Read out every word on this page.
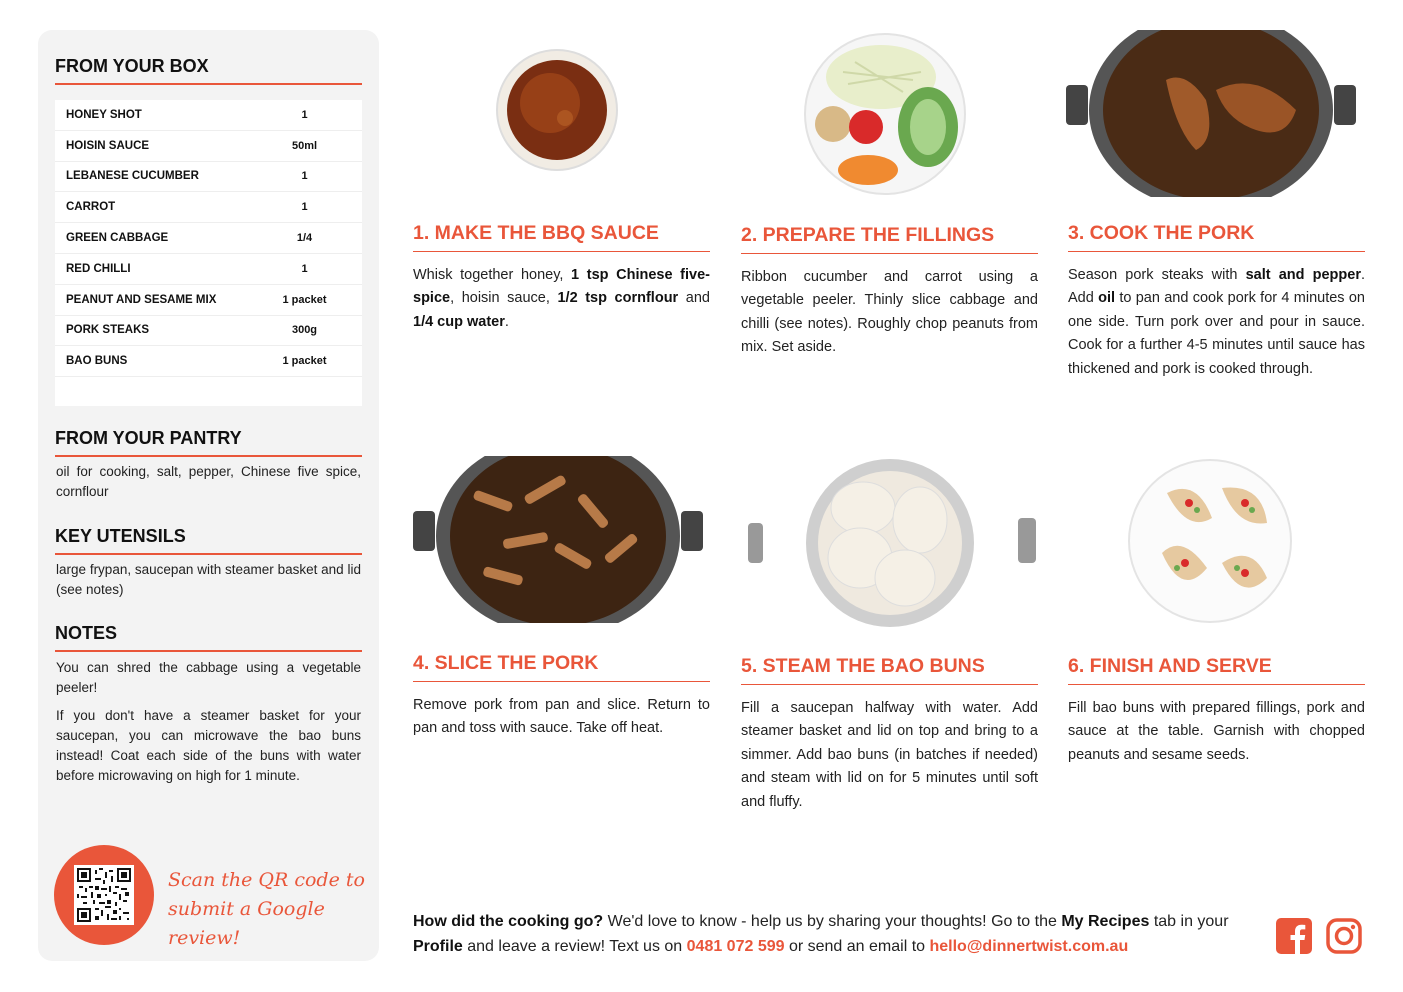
FROM YOUR BOX
HONEY SHOT	1
HOISIN SAUCE	50ml
LEBANESE CUCUMBER	1
CARROT	1
GREEN CABBAGE	1/4
RED CHILLI	1
PEANUT AND SESAME MIX	1 packet
PORK STEAKS	300g
BAO BUNS	1 packet
FROM YOUR PANTRY
oil for cooking, salt, pepper, Chinese five spice, cornflour
KEY UTENSILS
large frypan, saucepan with steamer basket and lid (see notes)
NOTES
You can shred the cabbage using a vegetable peeler!
If you don't have a steamer basket for your saucepan, you can microwave the bao buns instead! Coat each side of the buns with water before microwaving on high for 1 minute.
Scan the QR code to
submit a Google review!
1. MAKE THE BBQ SAUCE
Whisk together honey, 1 tsp Chinese five-spice, hoisin sauce, 1/2 tsp cornflour and 1/4 cup water.
2. PREPARE THE FILLINGS
Ribbon cucumber and carrot using a vegetable peeler. Thinly slice cabbage and chilli (see notes). Roughly chop peanuts from mix. Set aside.
3. COOK THE PORK
Season pork steaks with salt and pepper. Add oil to pan and cook pork for 4 minutes on one side. Turn pork over and pour in sauce. Cook for a further 4-5 minutes until sauce has thickened and pork is cooked through.
4. SLICE THE PORK
Remove pork from pan and slice. Return to pan and toss with sauce. Take off heat.
5. STEAM THE BAO BUNS
Fill a saucepan halfway with water. Add steamer basket and lid on top and bring to a simmer. Add bao buns (in batches if needed) and steam with lid on for 5 minutes until soft and fluffy.
6. FINISH AND SERVE
Fill bao buns with prepared fillings, pork and sauce at the table. Garnish with chopped peanuts and sesame seeds.
How did the cooking go? We'd love to know - help us by sharing your thoughts! Go to the My Recipes tab in your Profile and leave a review! Text us on 0481 072 599 or send an email to hello@dinnertwist.com.au
